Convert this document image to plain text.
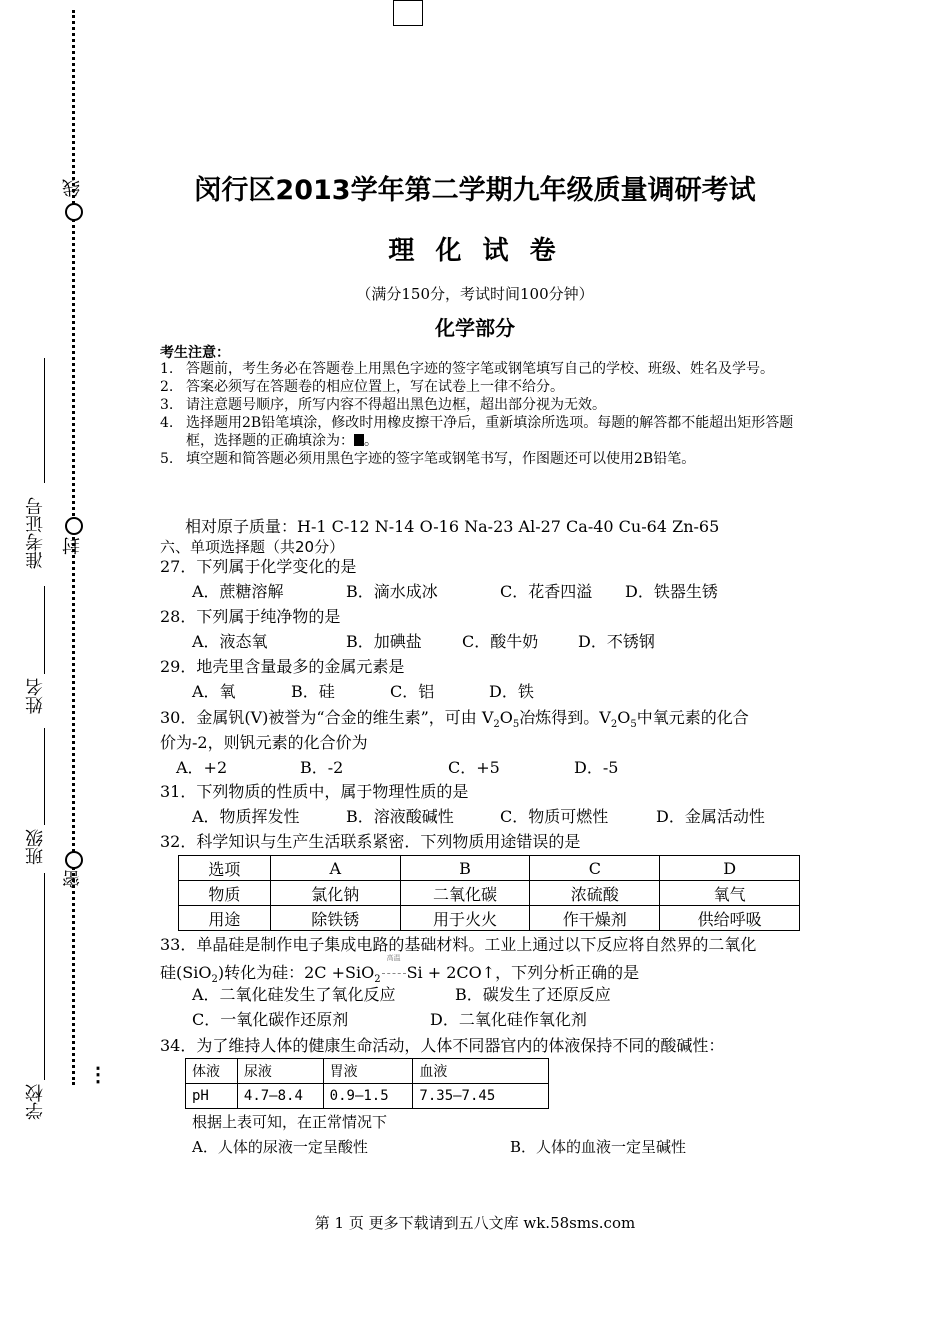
线
封
密
⋮
准考证号
姓名
班级
学校
闵行区2013学年第二学期九年级质量调研考试
理 化 试 卷
（满分150分，考试时间100分钟）
化学部分
考生注意：
1. 答题前，考生务必在答题卷上用黑色字迹的签字笔或钢笔填写自己的学校、班级、姓名及学号。
2. 答案必须写在答题卷的相应位置上，写在试卷上一律不给分。
3. 请注意题号顺序，所写内容不得超出黑色边框，超出部分视为无效。
4. 选择题用2B铅笔填涂，修改时用橡皮擦干净后，重新填涂所选项。每题的解答都不能超出矩形答题框，选择题的正确填涂为： 。
5. 填空题和简答题必须用黑色字迹的签字笔或钢笔书写，作图题还可以使用2B铅笔。
相对原子质量：H-1 C-12 N-14 O-16 Na-23 Al-27 Ca-40 Cu-64 Zn-65
六、单项选择题（共20分）
27．下列属于化学变化的是
A．蔗糖溶解	B．滴水成冰	C．花香四溢 D．铁器生锈
28．下列属于纯净物的是
A．液态氧	B．加碘盐	C．酸牛奶 D．不锈钢
29．地壳里含量最多的金属元素是
A．氧	B．硅	C．铝	D．铁
30．金属钒(V)被誉为“合金的维生素”，可由 $V_2O_5$冶炼得到。$V_2O_5$中氧元素的化合
价为-2，则钒元素的化合价为
A．+2	B．-2	C．+5	D．-5
31．下列物质的性质中，属于物理性质的是
A．物质挥发性	B．溶液酸碱性	C．物质可燃性	D．金属活动性
32．科学知识与生产生活联系紧密．下列物质用途错误的是
选项	A	B	C	D
物质	氯化钠	二氧化碳	浓硫酸	氧气
用途	除铁锈	用于火火	作干燥剂	供给呼吸
33．单晶硅是制作电子集成电路的基础材料。工业上通过以下反应将自然界的二氧化
硅(SiO$_2$)转化为硅：2C +SiO$_2$
高温
Si + 2CO↑，下列分析正确的是
A．二氧化硅发生了氧化反应	B．碳发生了还原反应
C．一氧化碳作还原剂	D．二氧化硅作氧化剂
34．为了维持人体的健康生命活动，人体不同器官内的体液保持不同的酸碱性：
体液	尿液	胃液	血液
pH	4.7—8.4	0.9—1.5	7.35—7.45
根据上表可知，在正常情况下
A．人体的尿液一定呈酸性	B．人体的血液一定呈碱性
第 1 页 更多下载请到五八文库 wk.58sms.com
